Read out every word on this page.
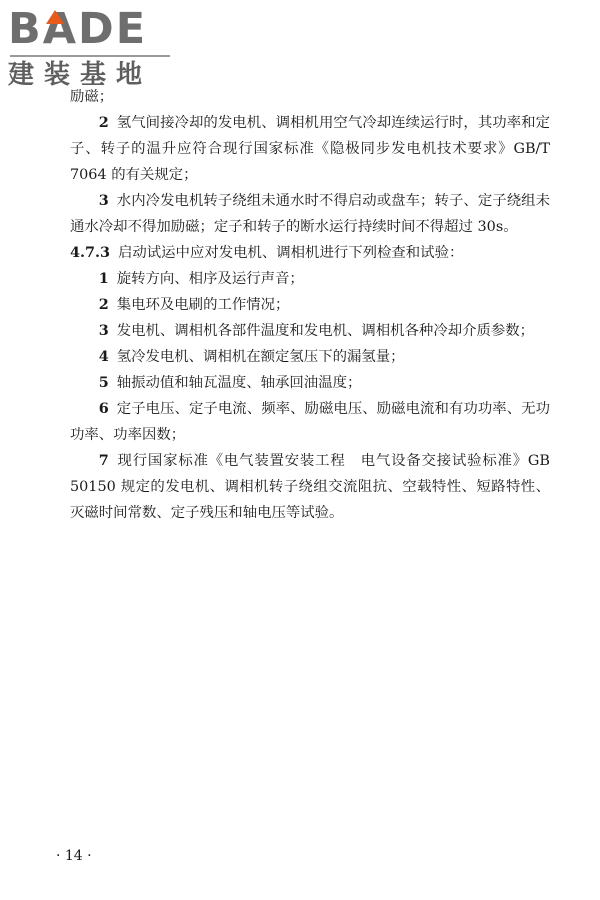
BADE
建装基地

励磁；

2 氢气间接冷却的发电机、调相机用空气冷却连续运行时，其功率和定子、转子的温升应符合现行国家标准《隐极同步发电机技术要求》GB/T 7064 的有关规定；

3 水内冷发电机转子绕组未通水时不得启动或盘车；转子、定子绕组未通水冷却不得加励磁；定子和转子的断水运行持续时间不得超过 30s。

4.7.3 启动试运中应对发电机、调相机进行下列检查和试验：

1 旋转方向、相序及运行声音；

2 集电环及电刷的工作情况；

3 发电机、调相机各部件温度和发电机、调相机各种冷却介质参数；

4 氢冷发电机、调相机在额定氢压下的漏氢量；

5 轴振动值和轴瓦温度、轴承回油温度；

6 定子电压、定子电流、频率、励磁电压、励磁电流和有功功率、无功功率、功率因数；

7 现行国家标准《电气装置安装工程　电气设备交接试验标准》GB 50150 规定的发电机、调相机转子绕组交流阻抗、空载特性、短路特性、灭磁时间常数、定子残压和轴电压等试验。

· 14 ·
